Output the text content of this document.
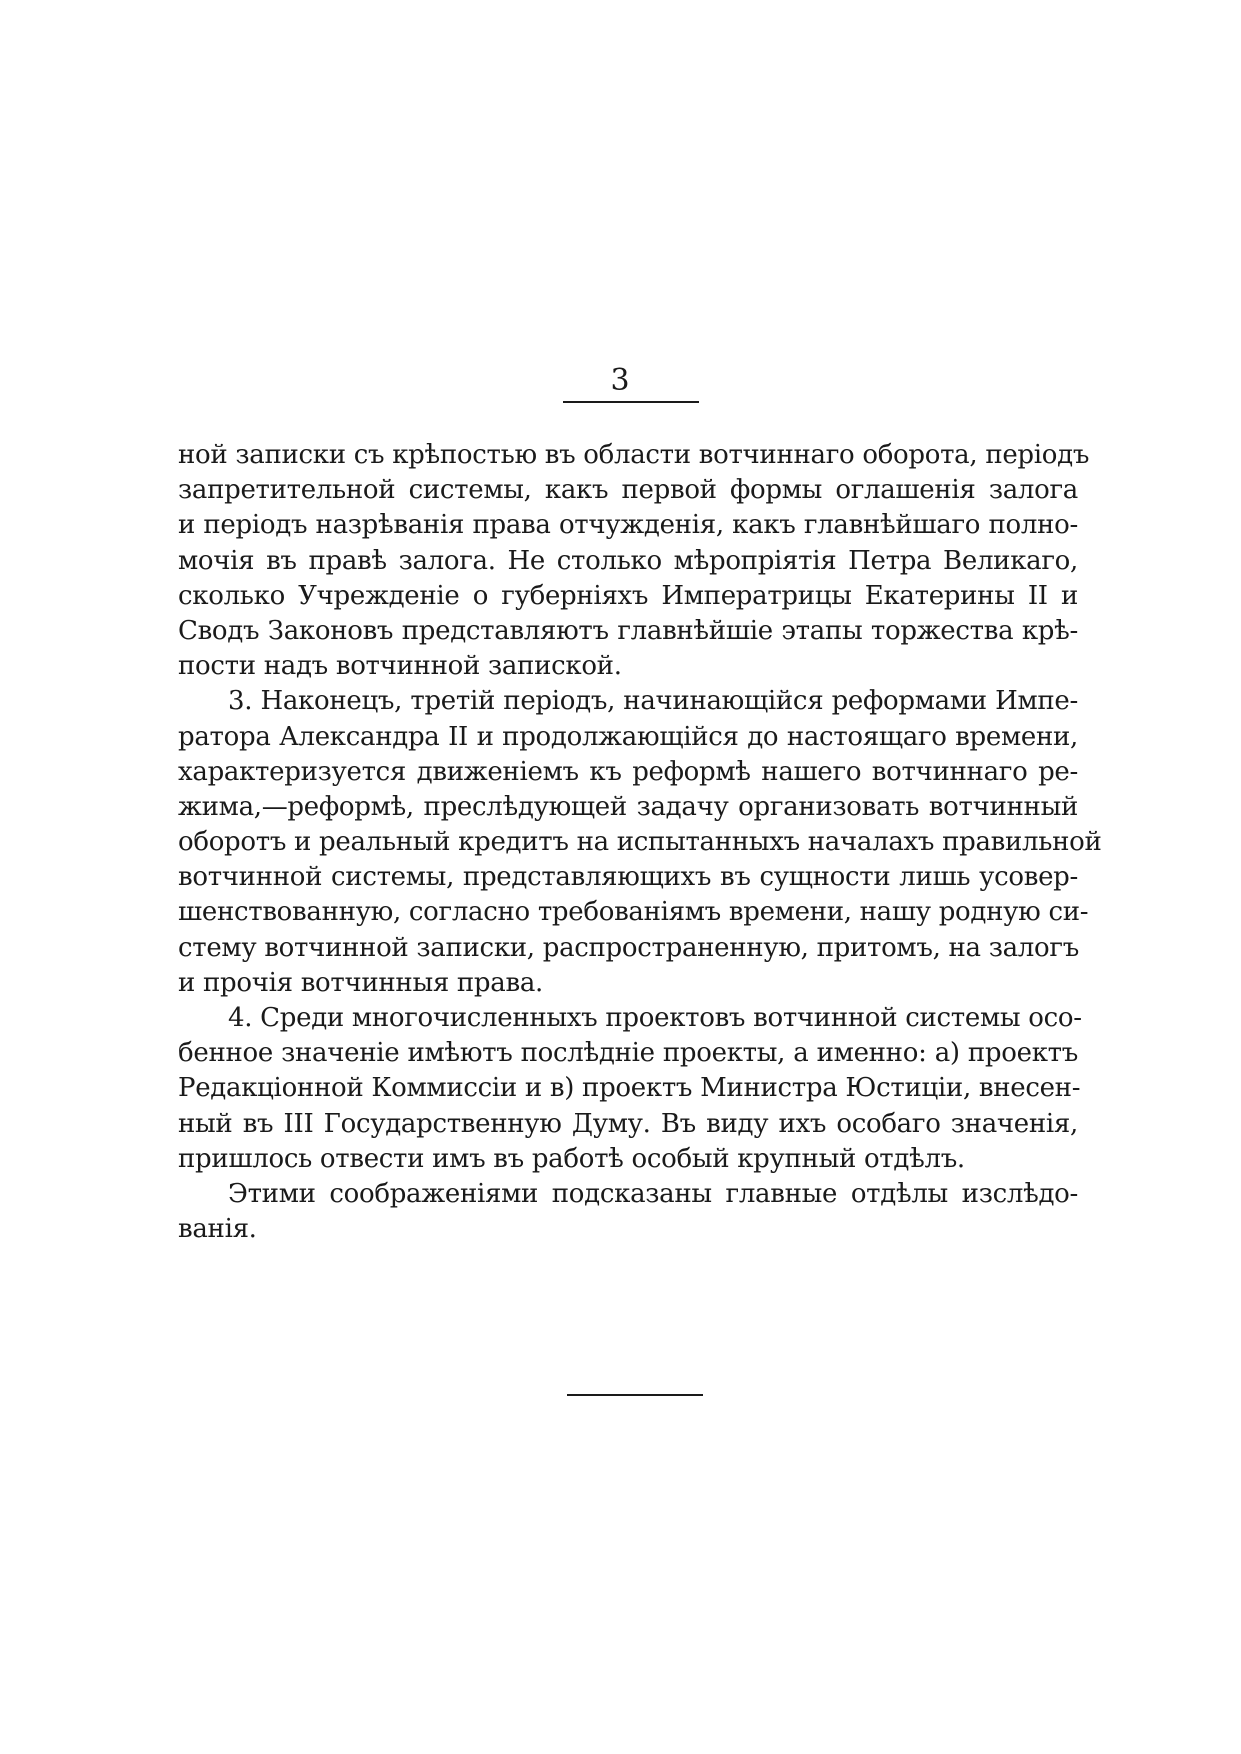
3
ной записки съ крѣпостью въ области вотчиннаго оборота, періодъ
запретительной системы, какъ первой формы оглашенія залога
и періодъ назрѣванія права отчужденія, какъ главнѣйшаго полно-
мочія въ правѣ залога. Не столько мѣропріятія Петра Великаго,
сколько Учрежденіе о губерніяхъ Императрицы Екатерины II и
Сводъ Законовъ представляютъ главнѣйшіе этапы торжества крѣ-
пости надъ вотчинной запиской.
3. Наконецъ, третій періодъ, начинающійся реформами Импе-
ратора Александра II и продолжающійся до настоящаго времени,
характеризуется движеніемъ къ реформѣ нашего вотчиннаго ре-
жима,—реформѣ, преслѣдующей задачу организовать вотчинный
оборотъ и реальный кредитъ на испытанныхъ началахъ правильной
вотчинной системы, представляющихъ въ сущности лишь усовер-
шенствованную, согласно требованіямъ времени, нашу родную си-
стему вотчинной записки, распространенную, притомъ, на залогъ
и прочія вотчинныя права.
4. Среди многочисленныхъ проектовъ вотчинной системы осо-
бенное значеніе имѣютъ послѣдніе проекты, а именно: а) проектъ
Редакціонной Коммиссіи и в) проектъ Министра Юстиціи, внесен-
ный въ III Государственную Думу. Въ виду ихъ особаго значенія,
пришлось отвести имъ въ работѣ особый крупный отдѣлъ.
Этими соображеніями подсказаны главные отдѣлы изслѣдо-
ванія.
